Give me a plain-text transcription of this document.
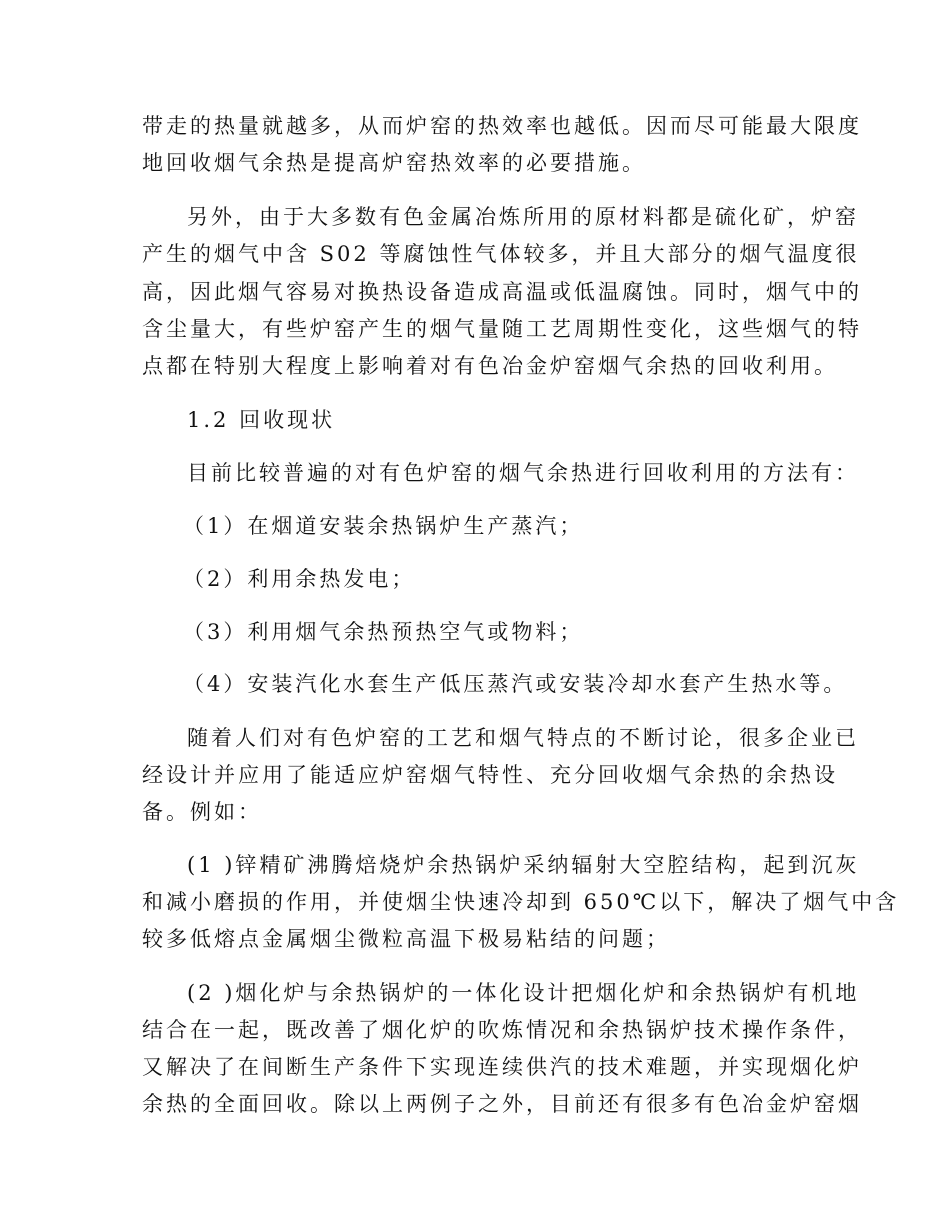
带走的热量就越多，从而炉窑的热效率也越低。因而尽可能最大限度
地回收烟气余热是提高炉窑热效率的必要措施。
另外，由于大多数有色金属冶炼所用的原材料都是硫化矿，炉窑
产生的烟气中含 S02 等腐蚀性气体较多，并且大部分的烟气温度很
高，因此烟气容易对换热设备造成高温或低温腐蚀。同时，烟气中的
含尘量大，有些炉窑产生的烟气量随工艺周期性变化，这些烟气的特
点都在特别大程度上影响着对有色冶金炉窑烟气余热的回收利用。
1.2 回收现状
目前比较普遍的对有色炉窑的烟气余热进行回收利用的方法有：
（1）在烟道安装余热锅炉生产蒸汽；
（2）利用余热发电；
（3）利用烟气余热预热空气或物料；
（4）安装汽化水套生产低压蒸汽或安装冷却水套产生热水等。
随着人们对有色炉窑的工艺和烟气特点的不断讨论，很多企业已
经设计并应用了能适应炉窑烟气特性、充分回收烟气余热的余热设
备。例如：
(1 )锌精矿沸腾焙烧炉余热锅炉采纳辐射大空腔结构，起到沉灰
和减小磨损的作用，并使烟尘快速冷却到 650℃以下，解决了烟气中含
较多低熔点金属烟尘微粒高温下极易粘结的问题；
(2 )烟化炉与余热锅炉的一体化设计把烟化炉和余热锅炉有机地
结合在一起，既改善了烟化炉的吹炼情况和余热锅炉技术操作条件，
又解决了在间断生产条件下实现连续供汽的技术难题，并实现烟化炉
余热的全面回收。除以上两例子之外，目前还有很多有色冶金炉窑烟
